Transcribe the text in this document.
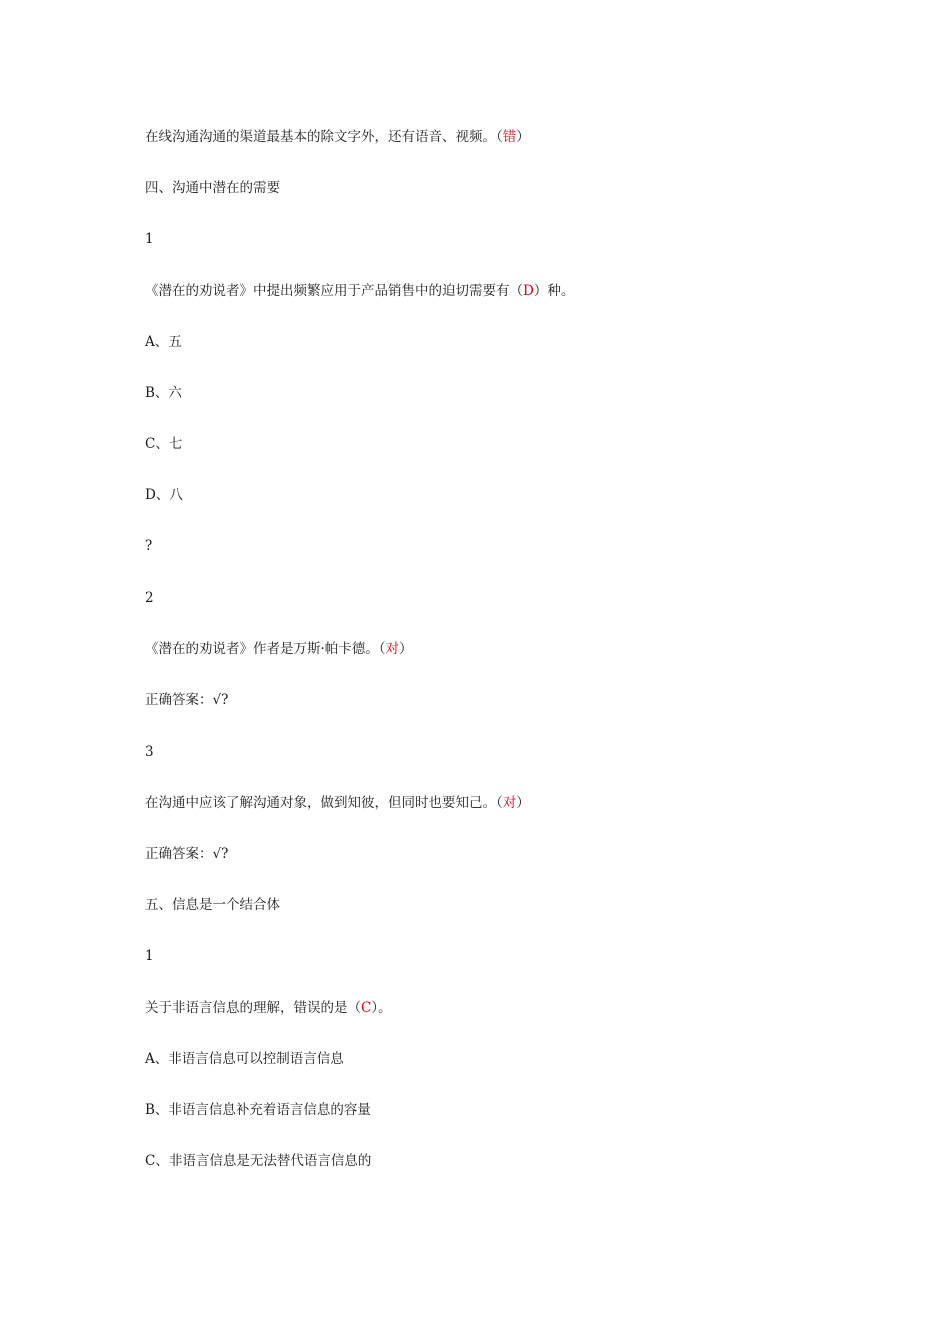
在线沟通沟通的渠道最基本的除文字外，还有语音、视频。（错）
四、沟通中潜在的需要
1
《潜在的劝说者》中提出频繁应用于产品销售中的迫切需要有（D）种。
A、五
B、六
C、七
D、八
?
2
《潜在的劝说者》作者是万斯·帕卡德。（对）
正确答案：√?
3
在沟通中应该了解沟通对象，做到知彼，但同时也要知己。（对）
正确答案：√?
五、信息是一个结合体
1
关于非语言信息的理解，错误的是（C）。
A、非语言信息可以控制语言信息
B、非语言信息补充着语言信息的容量
C、非语言信息是无法替代语言信息的
